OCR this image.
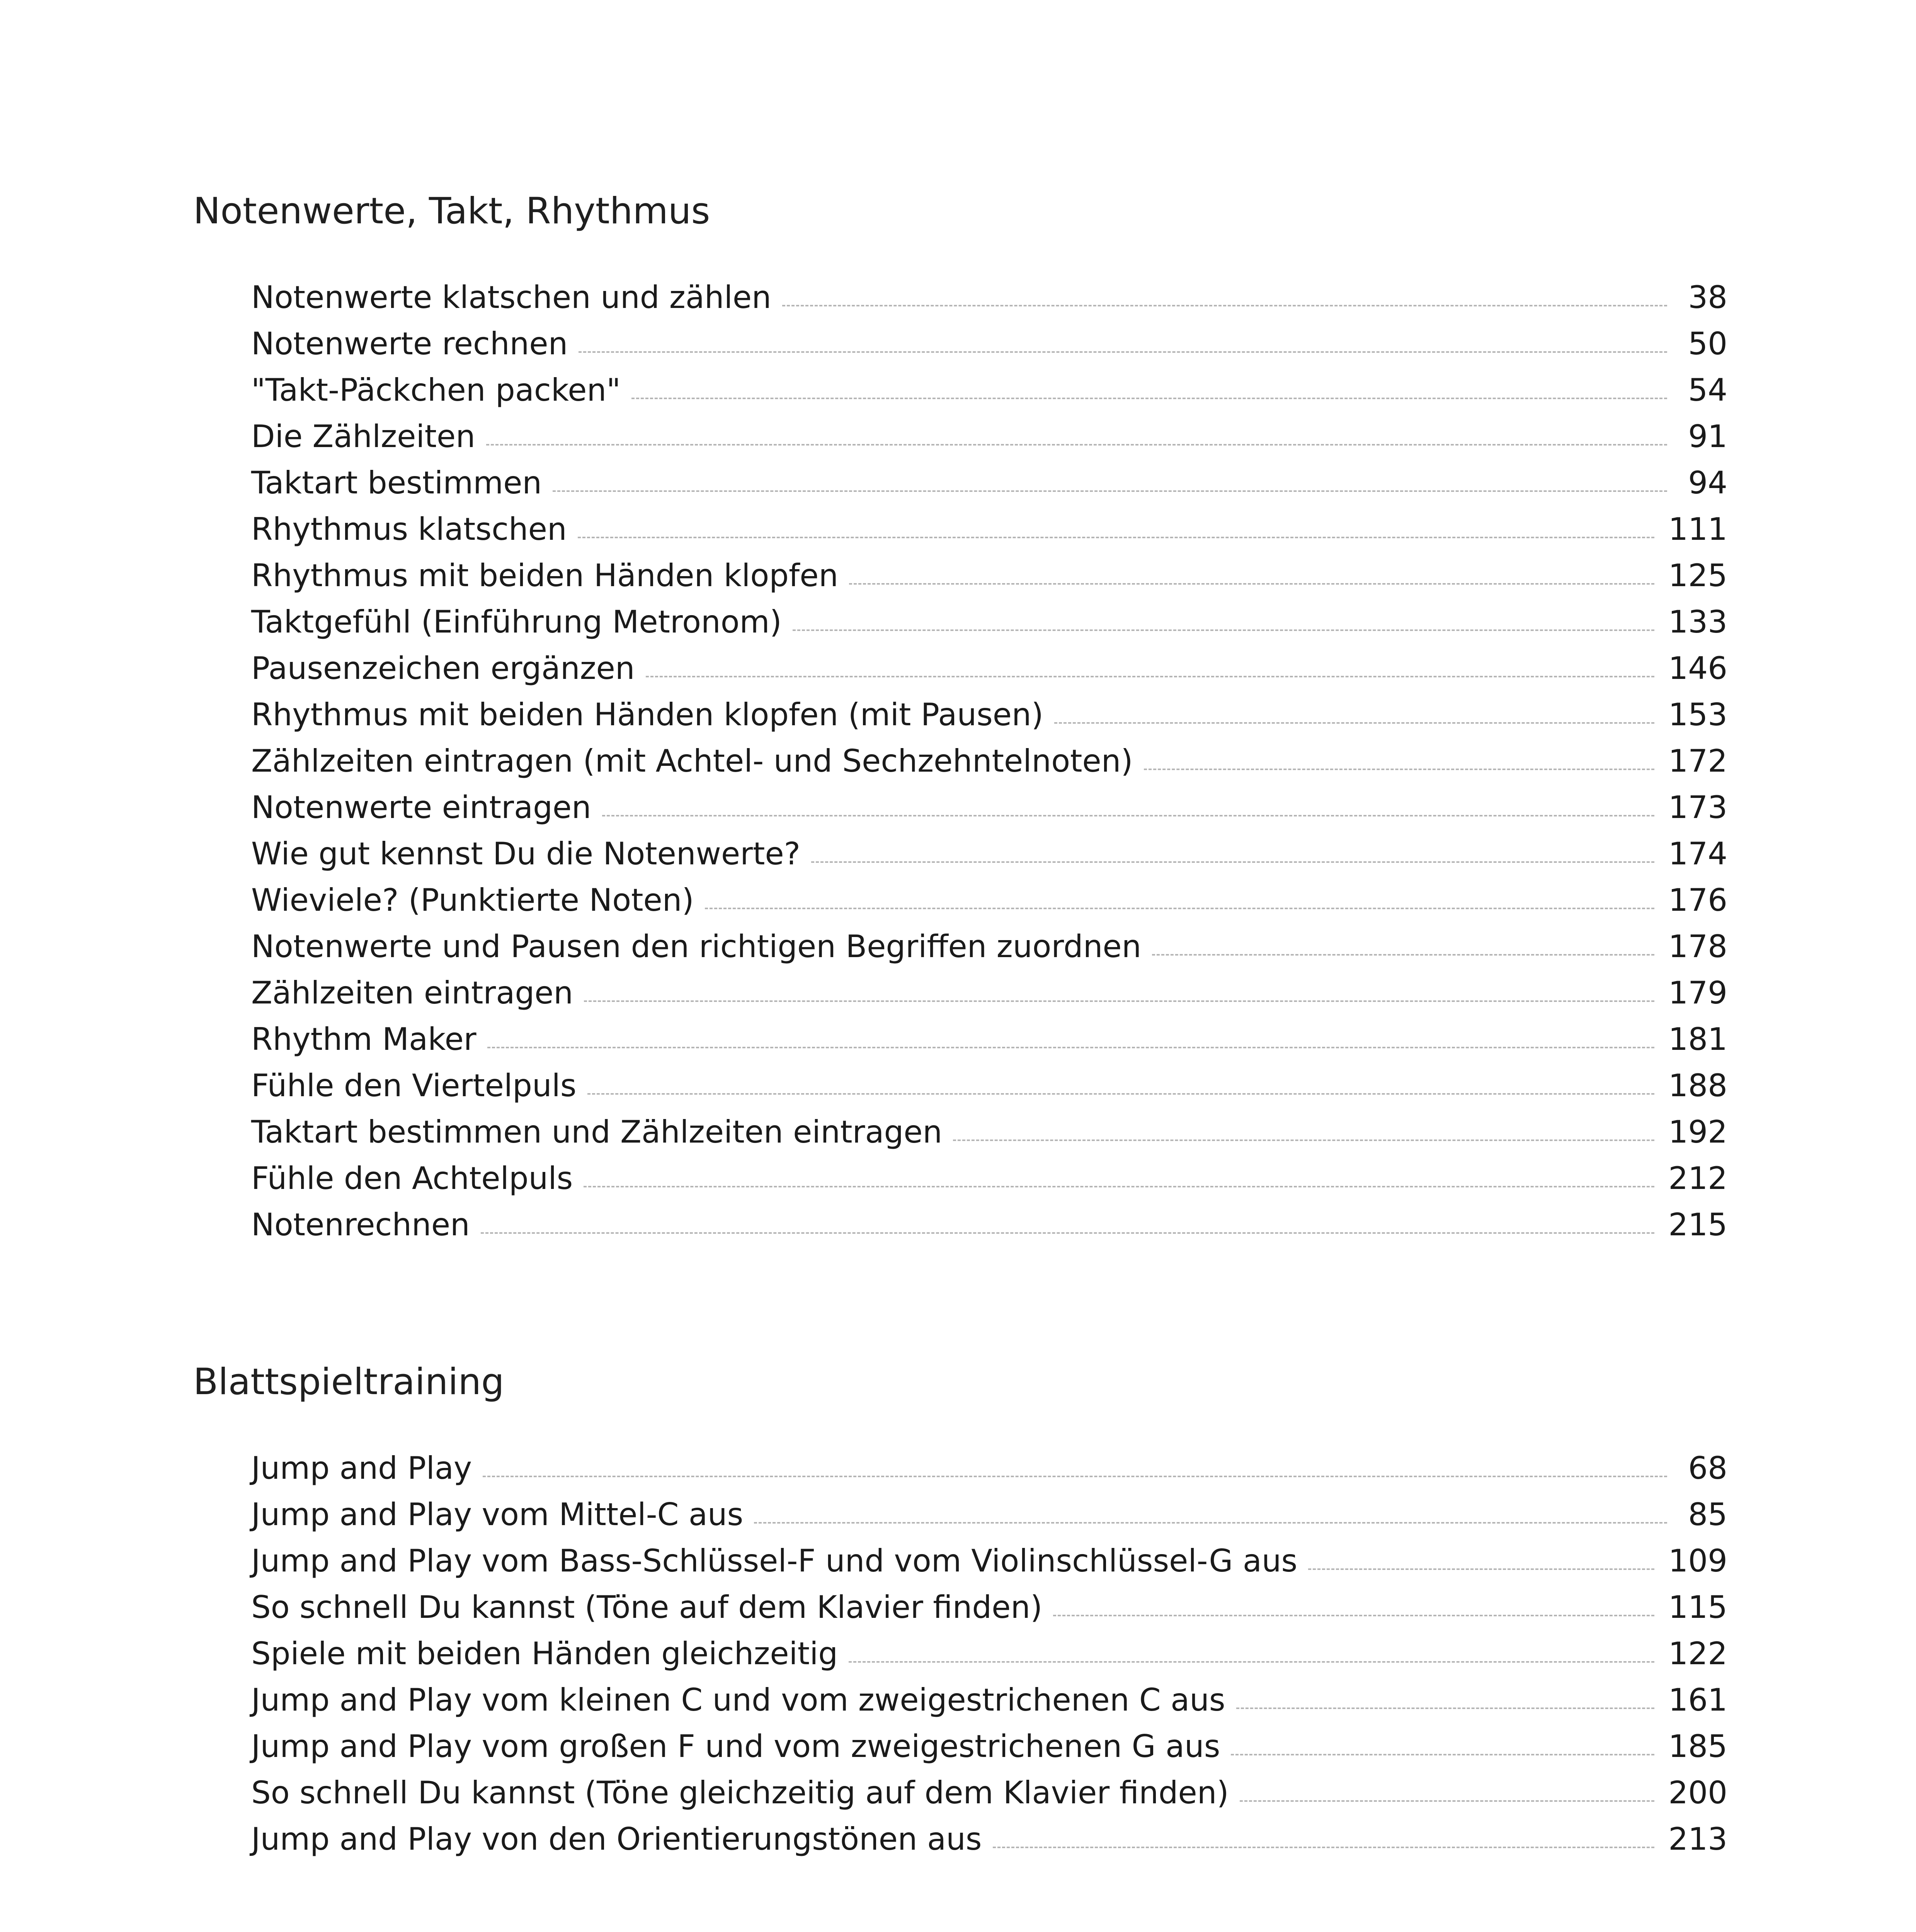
Notenwerte, Takt, Rhythmus
Notenwerte klatschen und zählen	38
Notenwerte rechnen	50
"Takt-Päckchen packen"	54
Die Zählzeiten	91
Taktart bestimmen	94
Rhythmus klatschen	111
Rhythmus mit beiden Händen klopfen	125
Taktgefühl (Einführung Metronom)	133
Pausenzeichen ergänzen	146
Rhythmus mit beiden Händen klopfen (mit Pausen)	153
Zählzeiten eintragen (mit Achtel- und Sechzehntelnoten)	172
Notenwerte eintragen	173
Wie gut kennst Du die Notenwerte?	174
Wieviele? (Punktierte Noten)	176
Notenwerte und Pausen den richtigen Begriffen zuordnen	178
Zählzeiten eintragen	179
Rhythm Maker	181
Fühle den Viertelpuls	188
Taktart bestimmen und Zählzeiten eintragen	192
Fühle den Achtelpuls	212
Notenrechnen	215
Blattspieltraining
Jump and Play	68
Jump and Play vom Mittel-C aus	85
Jump and Play vom Bass-Schlüssel-F und vom Violinschlüssel-G aus	109
So schnell Du kannst (Töne auf dem Klavier finden)	115
Spiele mit beiden Händen gleichzeitig	122
Jump and Play vom kleinen C und vom zweigestrichenen C aus	161
Jump and Play vom großen F und vom zweigestrichenen G aus	185
So schnell Du kannst (Töne gleichzeitig auf dem Klavier finden)	200
Jump and Play von den Orientierungstönen aus	213
